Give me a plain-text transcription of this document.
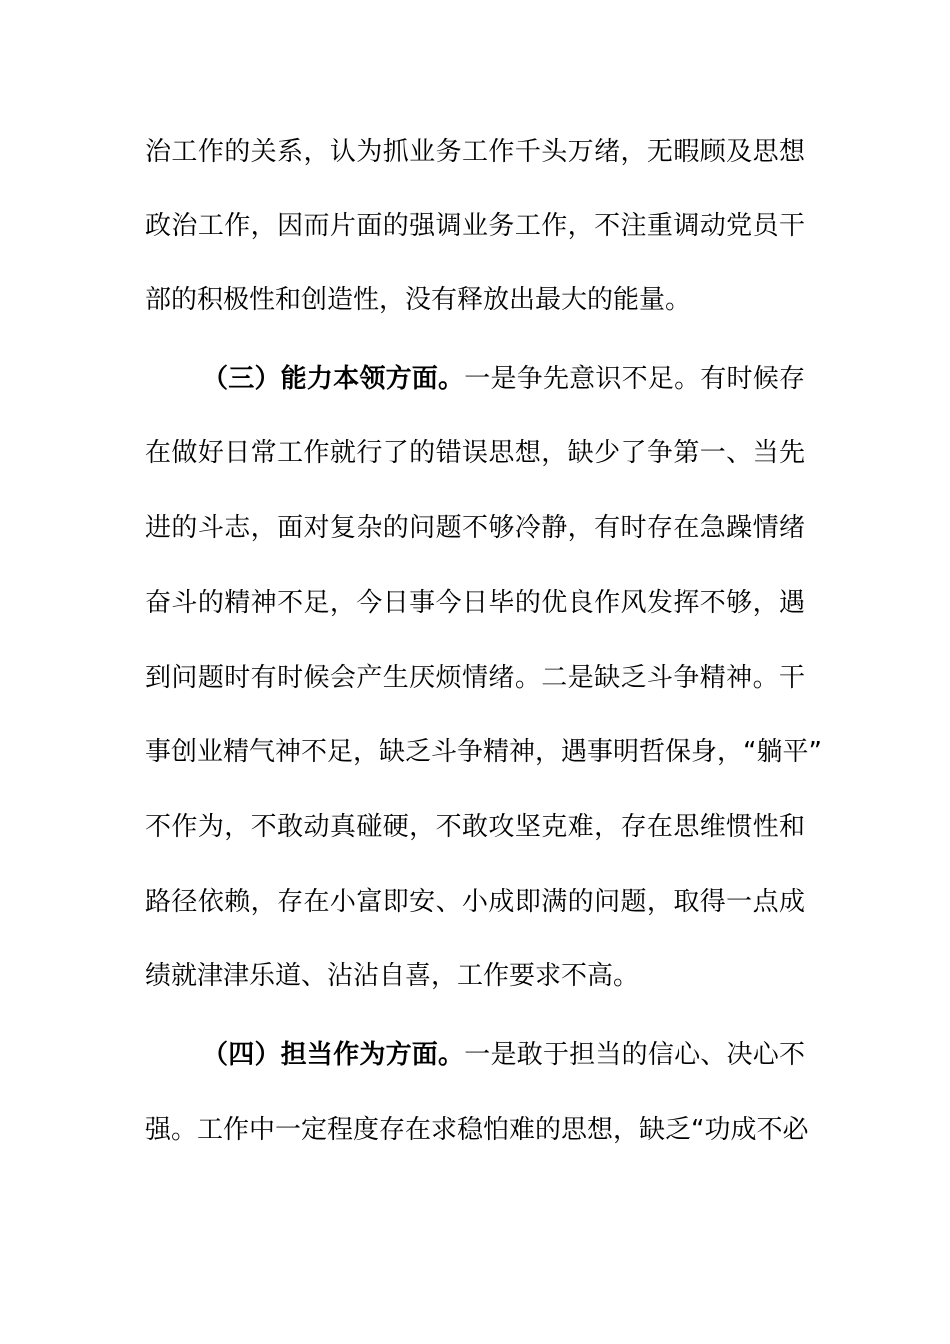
治工作的关系，认为抓业务工作千头万绪，无暇顾及思想
政治工作，因而片面的强调业务工作，不注重调动党员干
部的积极性和创造性，没有释放出最大的能量。
（三）能力本领方面。一是争先意识不足。有时候存
在做好日常工作就行了的错误思想，缺少了争第一、当先
进的斗志，面对复杂的问题不够冷静，有时存在急躁情绪
奋斗的精神不足，今日事今日毕的优良作风发挥不够，遇
到问题时有时候会产生厌烦情绪。二是缺乏斗争精神。干
事创业精气神不足，缺乏斗争精神，遇事明哲保身，“躺平”
不作为，不敢动真碰硬，不敢攻坚克难，存在思维惯性和
路径依赖，存在小富即安、小成即满的问题，取得一点成
绩就津津乐道、沾沾自喜，工作要求不高。
（四）担当作为方面。一是敢于担当的信心、决心不
强。工作中一定程度存在求稳怕难的思想，缺乏“功成不必
